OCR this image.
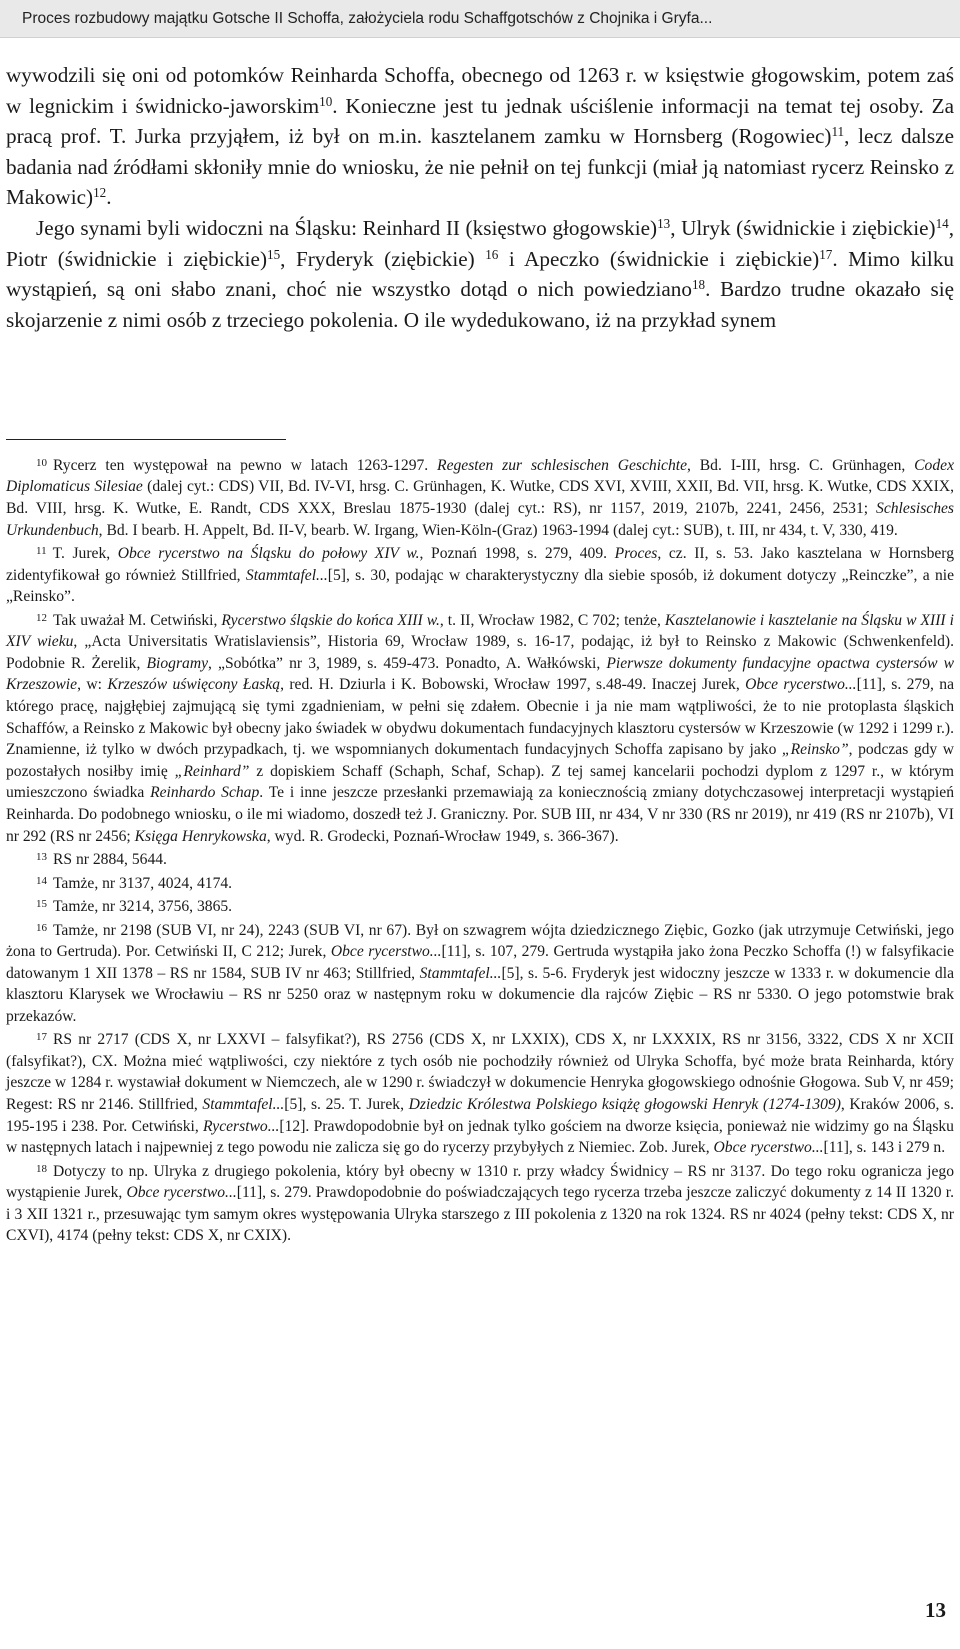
Proces rozbudowy majątku Gotsche II Schoffa, założyciela rodu Schaffgotschów z Chojnika i Gryfa...

wywodzili się oni od potomków Reinharda Schoffa, obecnego od 1263 r. w księstwie głogowskim, potem zaś w legnickim i świdnicko-jaworskim$^{10}$. Konieczne jest tu jednak uściślenie informacji na temat tej osoby. Za pracą prof. T. Jurka przyjąłem, iż był on m.in. kasztelanem zamku w Hornsberg (Rogowiec)$^{11}$, lecz dalsze badania nad źródłami skłoniły mnie do wniosku, że nie pełnił on tej funkcji (miał ją natomiast rycerz Reinsko z Makowic)$^{12}$.

Jego synami byli widoczni na Śląsku: Reinhard II (księstwo głogowskie)$^{13}$, Ulryk (świdnickie i ziębickie)$^{14}$, Piotr (świdnickie i ziębickie)$^{15}$, Fryderyk (ziębickie) $^{16}$ i Apeczko (świdnickie i ziębickie)$^{17}$. Mimo kilku wystąpień, są oni słabo znani, choć nie wszystko dotąd o nich powiedziano$^{18}$. Bardzo trudne okazało się skojarzenie z nimi osób z trzeciego pokolenia. O ile wydedukowano, iż na przykład synem

$^{10}$ Rycerz ten występował na pewno w latach 1263-1297. Regesten zur schlesischen Geschichte, Bd. I-III, hrsg. C. Grünhagen, Codex Diplomaticus Silesiae (dalej cyt.: CDS) VII, Bd. IV-VI, hrsg. C. Grünhagen, K. Wutke, CDS XVI, XVIII, XXII, Bd. VII, hrsg. K. Wutke, CDS XXIX, Bd. VIII, hrsg. K. Wutke, E. Randt, CDS XXX, Breslau 1875-1930 (dalej cyt.: RS), nr 1157, 2019, 2107b, 2241, 2456, 2531; Schlesisches Urkundenbuch, Bd. I bearb. H. Appelt, Bd. II-V, bearb. W. Irgang, Wien-Köln-(Graz) 1963-1994 (dalej cyt.: SUB), t. III, nr 434, t. V, 330, 419.

$^{11}$ T. Jurek, Obce rycerstwo na Śląsku do połowy XIV w., Poznań 1998, s. 279, 409. Proces, cz. II, s. 53. Jako kasztelana w Hornsberg zidentyfikował go również Stillfried, Stammtafel...[5], s. 30, podając w charakterystyczny dla siebie sposób, iż dokument dotyczy „Reinczke”, a nie „Reinsko”.

$^{12}$ Tak uważał M. Cetwiński, Rycerstwo śląskie do końca XIII w., t. II, Wrocław 1982, C 702; tenże, Kasztelanowie i kasztelanie na Śląsku w XIII i XIV wieku, „Acta Universitatis Wratislaviensis”, Historia 69, Wrocław 1989, s. 16-17, podając, iż był to Reinsko z Makowic (Schwenkenfeld). Podobnie R. Żerelik, Biogramy, „Sobótka” nr 3, 1989, s. 459-473. Ponadto, A. Wałkówski, Pierwsze dokumenty fundacyjne opactwa cystersów w Krzeszowie, w: Krzeszów uświęcony Łaską, red. H. Dziurla i K. Bobowski, Wrocław 1997, s.48-49. Inaczej Jurek, Obce rycerstwo...[11], s. 279, na którego pracę, najgłębiej zajmującą się tymi zgadnieniam, w pełni się zdałem. Obecnie i ja nie mam wątpliwości, że to nie protoplasta śląskich Schaffów, a Reinsko z Makowic był obecny jako świadek w obydwu dokumentach fundacyjnych klasztoru cystersów w Krzeszowie (w 1292 i 1299 r.). Znamienne, iż tylko w dwóch przypadkach, tj. we wspomnianych dokumentach fundacyjnych Schoffa zapisano by jako „Reinsko”, podczas gdy w pozostałych nosiłby imię „Reinhard” z dopiskiem Schaff (Schaph, Schaf, Schap). Z tej samej kancelarii pochodzi dyplom z 1297 r., w którym umieszczono świadka Reinhardo Schap. Te i inne jeszcze przesłanki przemawiają za koniecznością zmiany dotychczasowej interpretacji wystąpień Reinharda. Do podobnego wniosku, o ile mi wiadomo, doszedł też J. Graniczny. Por. SUB III, nr 434, V nr 330 (RS nr 2019), nr 419 (RS nr 2107b), VI nr 292 (RS nr 2456; Księga Henrykowska, wyd. R. Grodecki, Poznań-Wrocław 1949, s. 366-367).

$^{13}$ RS nr 2884, 5644.

$^{14}$ Tamże, nr 3137, 4024, 4174.

$^{15}$ Tamże, nr 3214, 3756, 3865.

$^{16}$ Tamże, nr 2198 (SUB VI, nr 24), 2243 (SUB VI, nr 67). Był on szwagrem wójta dziedzicznego Ziębic, Gozko (jak utrzymuje Cetwiński, jego żona to Gertruda). Por. Cetwiński II, C 212; Jurek, Obce rycerstwo...[11], s. 107, 279. Gertruda wystąpiła jako żona Peczko Schoffa (!) w falsyfikacie datowanym 1 XII 1378 – RS nr 1584, SUB IV nr 463; Stillfried, Stammtafel...[5], s. 5-6. Fryderyk jest widoczny jeszcze w 1333 r. w dokumencie dla klasztoru Klarysek we Wrocławiu – RS nr 5250 oraz w następnym roku w dokumencie dla rajców Ziębic – RS nr 5330. O jego potomstwie brak przekazów.

$^{17}$ RS nr 2717 (CDS X, nr LXXVI – falsyfikat?), RS 2756 (CDS X, nr LXXIX), CDS X, nr LXXXIX, RS nr 3156, 3322, CDS X nr XCII (falsyfikat?), CX. Można mieć wątpliwości, czy niektóre z tych osób nie pochodziły również od Ulryka Schoffa, być może brata Reinharda, który jeszcze w 1284 r. wystawiał dokument w Niemczech, ale w 1290 r. świadczył w dokumencie Henryka głogowskiego odnośnie Głogowa. Sub V, nr 459; Regest: RS nr 2146. Stillfried, Stammtafel...[5], s. 25. T. Jurek, Dziedzic Królestwa Polskiego książę głogowski Henryk (1274-1309), Kraków 2006, s. 195-195 i 238. Por. Cetwiński, Rycerstwo...[12]. Prawdopodobnie był on jednak tylko gościem na dworze księcia, ponieważ nie widzimy go na Śląsku w następnych latach i najpewniej z tego powodu nie zalicza się go do rycerzy przybyłych z Niemiec. Zob. Jurek, Obce rycerstwo...[11], s. 143 i 279 n.

$^{18}$ Dotyczy to np. Ulryka z drugiego pokolenia, który był obecny w 1310 r. przy władcy Świdnicy – RS nr 3137. Do tego roku ogranicza jego wystąpienie Jurek, Obce rycerstwo...[11], s. 279. Prawdopodobnie do poświadczających tego rycerza trzeba jeszcze zaliczyć dokumenty z 14 II 1320 r. i 3 XII 1321 r., przesuwając tym samym okres występowania Ulryka starszego z III pokolenia z 1320 na rok 1324. RS nr 4024 (pełny tekst: CDS X, nr CXVI), 4174 (pełny tekst: CDS X, nr CXIX).

13
